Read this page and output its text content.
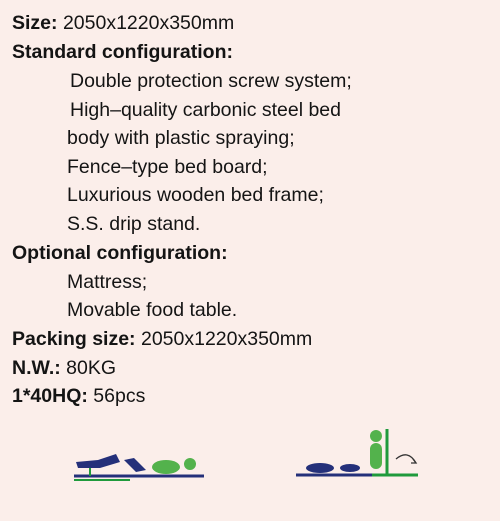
Size: 2050x1220x350mm
Standard configuration:
Double protection screw system;
High–quality carbonic steel bed
body with plastic spraying;
Fence–type bed board;
Luxurious wooden bed frame;
S.S. drip stand.
Optional configuration:
Mattress;
Movable food table.
Packing size: 2050x1220x350mm
N.W.: 80KG
1*40HQ: 56pcs
